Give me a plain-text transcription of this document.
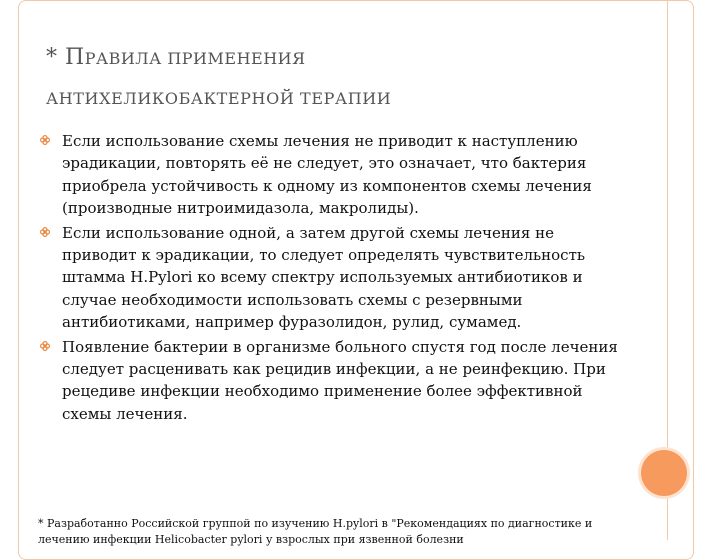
* ПРАВИЛА ПРИМЕНЕНИЯ
АНТИХЕЛИКОБАКТЕРНОЙ ТЕРАПИИ
Если использование схемы лечения не приводит к наступлению эрадикации, повторять её не следует, это означает, что бактерия приобрела устойчивость к одному из компонентов схемы лечения (производные нитроимидазола, макролиды).
Если использование одной, а затем другой схемы лечения не приводит к эрадикации, то следует определять чувствительность штамма H.Pylori ко всему спектру используемых антибиотиков и случае необходимости использовать схемы с резервными антибиотиками, например фуразолидон, рулид, сумамед.
Появление бактерии в организме больного спустя год после лечения следует расценивать как рецидив инфекции, а не реинфекцию. При рецедиве инфекции необходимо применение более эффективной схемы лечения.
* Разработанно Российской группой по изучению H.pylori в "Рекомендациях по диагностике и лечению инфекции Helicobacter pylori у взрослых при язвенной болезни
